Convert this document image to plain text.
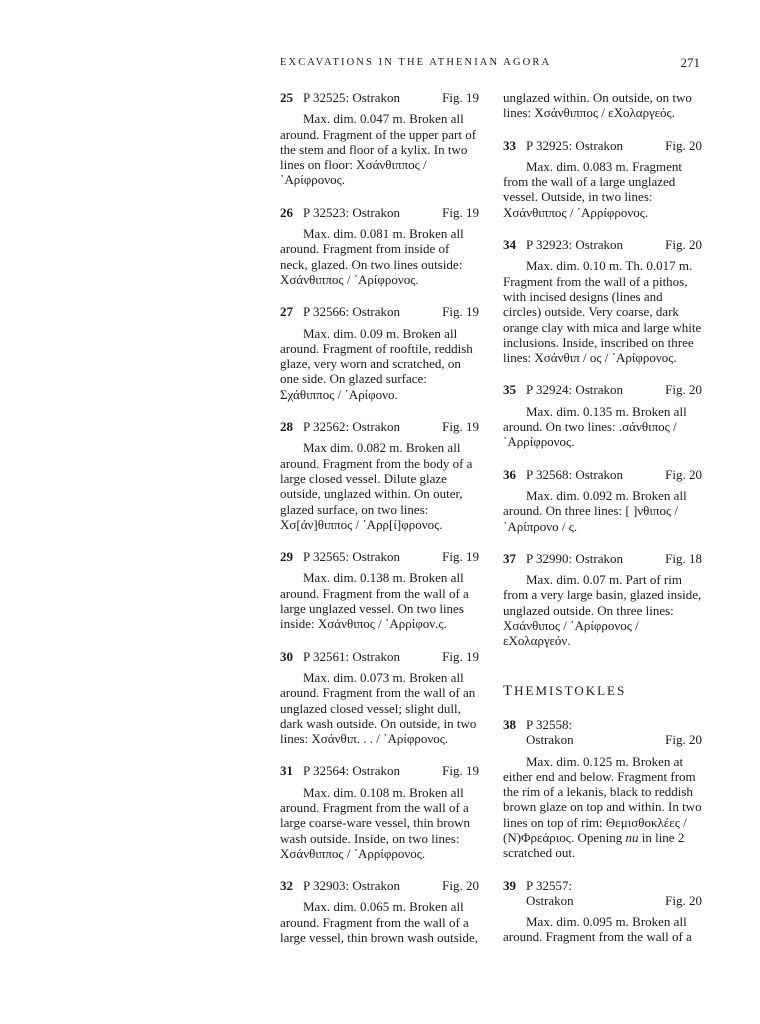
EXCAVATIONS IN THE ATHENIAN AGORA	271
25 P 32525: Ostrakon	Fig. 19
Max. dim. 0.047 m. Broken all around. Fragment of the upper part of the stem and floor of a kylix. In two lines on floor: Χσάνθιππος / ᾽Αρίφρονος.
26 P 32523: Ostrakon	Fig. 19
Max. dim. 0.081 m. Broken all around. Fragment from inside of neck, glazed. On two lines outside: Χσάνθιππος / ᾽Αρίφρονος.
27 P 32566: Ostrakon	Fig. 19
Max. dim. 0.09 m. Broken all around. Fragment of rooftile, reddish glaze, very worn and scratched, on one side. On glazed surface: Σχάθιππος / ᾽Αρίφονο.
28 P 32562: Ostrakon	Fig. 19
Max dim. 0.082 m. Broken all around. Fragment from the body of a large closed vessel. Dilute glaze outside, unglazed within. On outer, glazed surface, on two lines: Χσ[άν]θιππος / ᾽Αρρ[ί]φρονος.
29 P 32565: Ostrakon	Fig. 19
Max. dim. 0.138 m. Broken all around. Fragment from the wall of a large unglazed vessel. On two lines inside: Χσάνθιπος / ᾽Αρρίφον.ς.
30 P 32561: Ostrakon	Fig. 19
Max. dim. 0.073 m. Broken all around. Fragment from the wall of an unglazed closed vessel; slight dull, dark wash outside. On outside, in two lines: Χσάνθιπ. . . / ᾽Αρίφρονος.
31 P 32564: Ostrakon	Fig. 19
Max. dim. 0.108 m. Broken all around. Fragment from the wall of a large coarse-ware vessel, thin brown wash outside. Inside, on two lines: Χσάνθιππος / ᾽Αρρίφρονος.
32 P 32903: Ostrakon	Fig. 20
Max. dim. 0.065 m. Broken all around. Fragment from the wall of a large vessel, thin brown wash outside,
unglazed within. On outside, on two lines: Χσάνθιππος / εΧολαργεός.
33 P 32925: Ostrakon	Fig. 20
Max. dim. 0.083 m. Fragment from the wall of a large unglazed vessel. Outside, in two lines: Χσάνθιππος / ᾽Αρρίφρονος.
34 P 32923: Ostrakon	Fig. 20
Max. dim. 0.10 m. Th. 0.017 m. Fragment from the wall of a pithos, with incised designs (lines and circles) outside. Very coarse, dark orange clay with mica and large white inclusions. Inside, inscribed on three lines: Χσάνθιπ / ος / ᾽Αρίφρονος.
35 P 32924: Ostrakon	Fig. 20
Max. dim. 0.135 m. Broken all around. On two lines: .σάνθιπος / ᾽Αρρίφρονος.
36 P 32568: Ostrakon	Fig. 20
Max. dim. 0.092 m. Broken all around. On three lines: [ ]νθιπος / ᾽Αρίπρονο / ς.
37 P 32990: Ostrakon	Fig. 18
Max. dim. 0.07 m. Part of rim from a very large basin, glazed inside, unglazed outside. On three lines: Χσάνθιπος / ᾽Αρίφρονος / εΧολαργεόν.
THEMISTOKLES
38 P 32558:
Ostrakon	Fig. 20
Max. dim. 0.125 m. Broken at either end and below. Fragment from the rim of a lekanis, black to reddish brown glaze on top and within. In two lines on top of rim: Θεμισθοκλέες / (Ν)Φρεάριος. Opening nu in line 2 scratched out.
39 P 32557:
Ostrakon	Fig. 20
Max. dim. 0.095 m. Broken all around. Fragment from the wall of a
